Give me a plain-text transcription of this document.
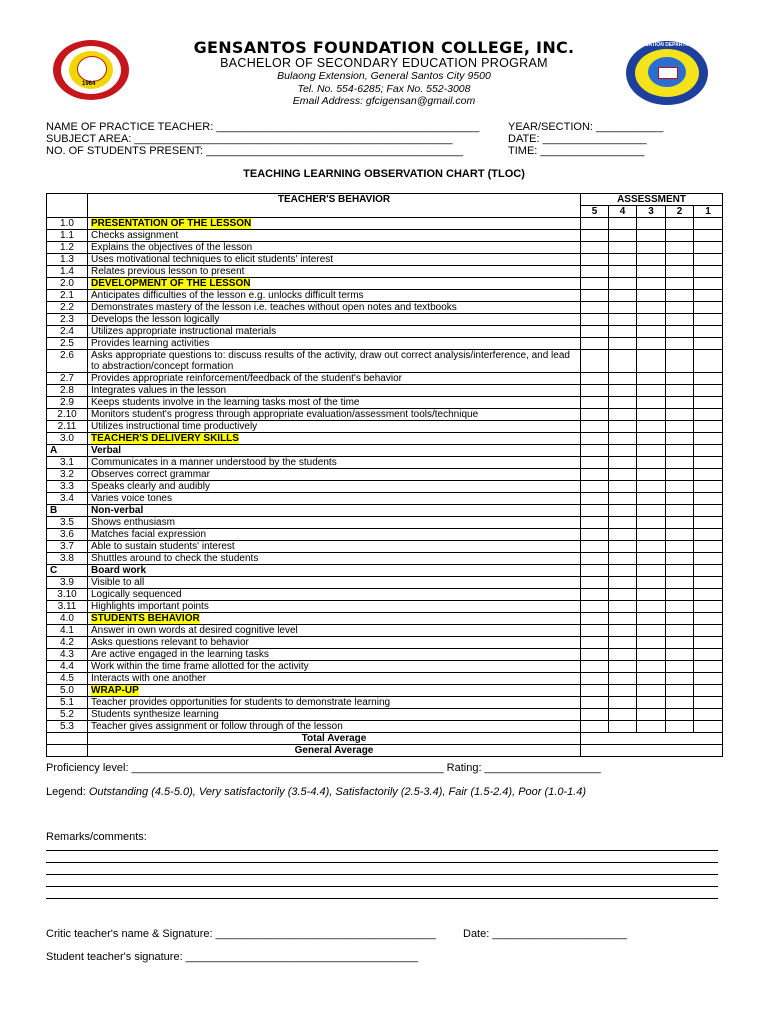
1964
EDUCATION DEPARTMENT
GENSANTOS FOUNDATION COLLEGE, INC.
BACHELOR OF SECONDARY EDUCATION PROGRAM
Bulaong Extension, General Santos City 9500
Tel. No. 554-6285; Fax No. 552-3008
Email Address: gfcigensan@gmail.com
NAME OF PRACTICE TEACHER: ___________________________________________
SUBJECT AREA: ____________________________________________________
NO. OF STUDENTS PRESENT: __________________________________________
YEAR/SECTION: ___________
DATE: _________________
TIME: _________________
TEACHING LEARNING OBSERVATION CHART (TLOC)
	TEACHER'S BEHAVIOR	ASSESSMENT				
		5	4	3	2	1
1.0	PRESENTATION OF THE LESSON					
1.1	Checks assignment					
1.2	Explains the objectives of the lesson					
1.3	Uses motivational techniques to elicit students' interest					
1.4	Relates previous lesson to present					
2.0	DEVELOPMENT OF THE LESSON					
2.1	Anticipates difficulties of the lesson e.g. unlocks difficult terms					
2.2	Demonstrates mastery of the lesson i.e. teaches without open notes and textbooks					
2.3	Develops the lesson logically					
2.4	Utilizes appropriate instructional materials					
2.5	Provides learning activities					
2.6	Asks appropriate questions to: discuss results of the activity, draw out correct analysis/interference, and lead to abstraction/concept formation					
2.7	Provides appropriate reinforcement/feedback of the student's behavior					
2.8	Integrates values in the lesson					
2.9	Keeps students involve in the learning tasks most of the time					
2.10	Monitors student's progress through appropriate evaluation/assessment tools/technique					
2.11	Utilizes instructional time productively					
3.0	TEACHER'S DELIVERY SKILLS					
A	Verbal					
3.1	Communicates in a manner understood by the students					
3.2	Observes correct grammar					
3.3	Speaks clearly and audibly					
3.4	Varies voice tones					
B	Non-verbal					
3.5	Shows enthusiasm					
3.6	Matches facial expression					
3.7	Able to sustain students' interest					
3.8	Shuttles around to check the students					
C	Board work					
3.9	Visible to all					
3.10	Logically sequenced					
3.11	Highlights important points					
4.0	STUDENTS BEHAVIOR					
4.1	Answer in own words at desired cognitive level					
4.2	Asks questions relevant to behavior					
4.3	Are active engaged in the learning tasks					
4.4	Work within the time frame allotted for the activity					
4.5	Interacts with one another					
5.0	WRAP-UP					
5.1	Teacher provides opportunities for students to demonstrate learning					
5.2	Students synthesize learning					
5.3	Teacher gives assignment or follow through of the lesson					
	Total Average					
	General Average					
Proficiency level: ___________________________________________________ Rating: ___________________
Legend: Outstanding (4.5-5.0), Very satisfactorily (3.5-4.4), Satisfactorily (2.5-3.4), Fair (1.5-2.4), Poor (1.0-1.4)
Remarks/comments:
Critic teacher's name & Signature: ____________________________________ Date: ______________________
Student teacher's signature: ______________________________________
